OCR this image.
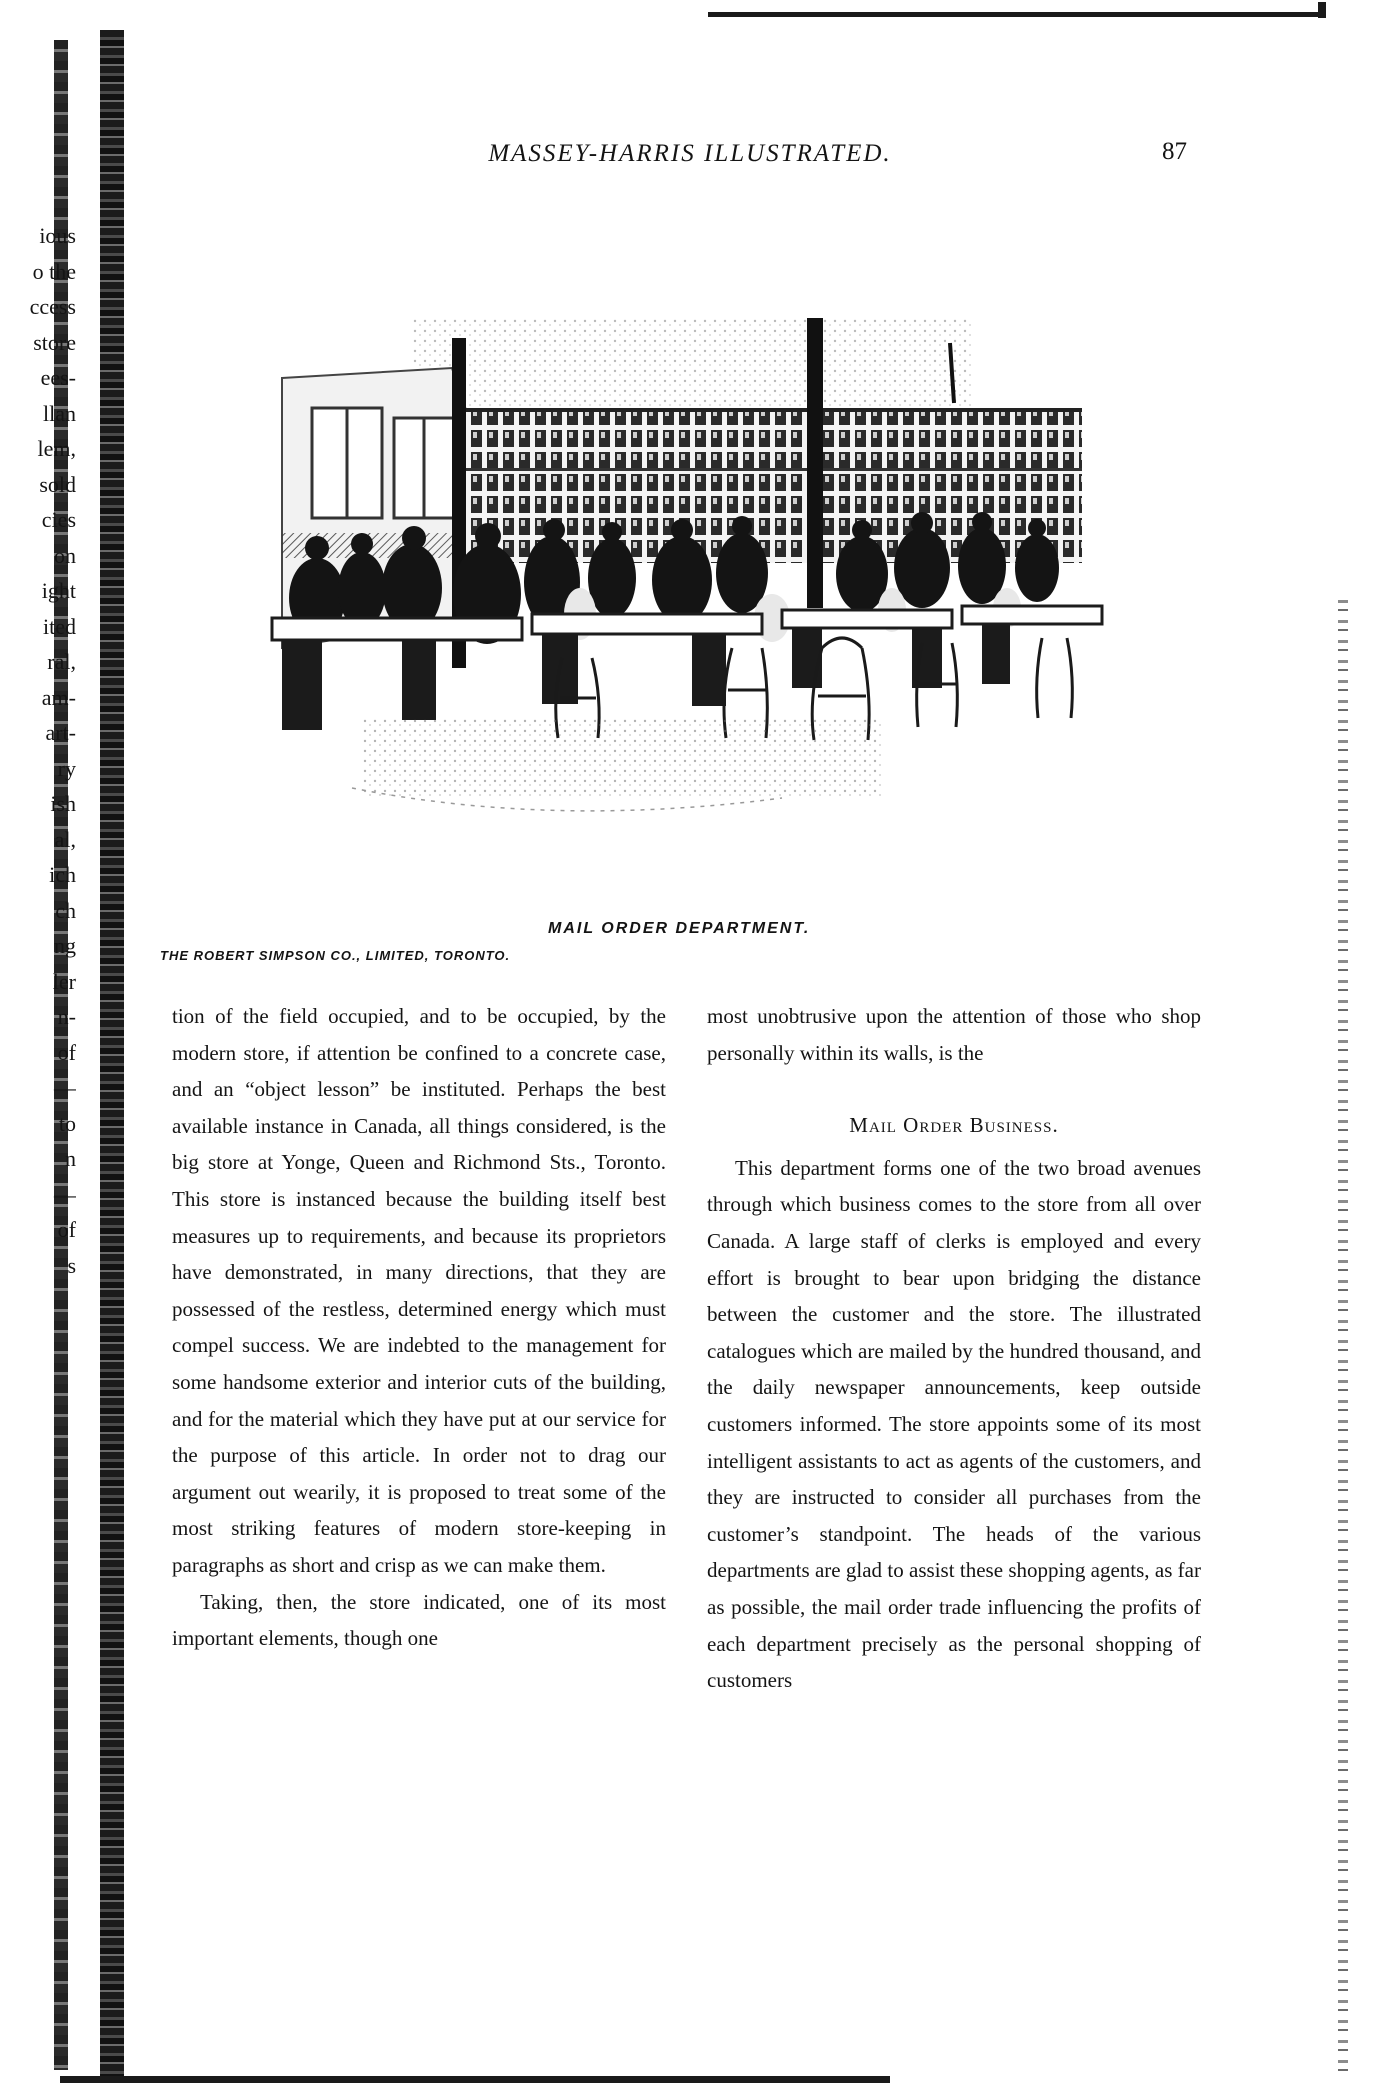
MASSEY-HARRIS ILLUSTRATED.	87
ious
o the
ccess
store
ees-
llan
lem,
sold
cies
on
ight
ited
ral,
am-
art-
ry
ish
al,
ich
ch
ng
ler
n-
of
—
to
n
—
of
s
THE ROBERT SIMPSON CO., LIMITED, TORONTO.
MAIL ORDER DEPARTMENT.

tion of the field occupied, and to be occupied, by the modern store, if attention be confined to a concrete case, and an “object lesson” be instituted. Perhaps the best available instance in Canada, all things considered, is the big store at Yonge, Queen and Richmond Sts., Toronto. This store is instanced because the building itself best measures up to requirements, and because its proprietors have demonstrated, in many directions, that they are possessed of the restless, determined energy which must compel success. We are indebted to the management for some handsome exterior and interior cuts of the building, and for the material which they have put at our service for the purpose of this article. In order not to drag our argument out wearily, it is proposed to treat some of the most striking features of modern store-keeping in paragraphs as short and crisp as we can make them.

Taking, then, the store indicated, one of its most important elements, though one

most unobtrusive upon the attention of those who shop personally within its walls, is the

Mail Order Business.

This department forms one of the two broad avenues through which business comes to the store from all over Canada. A large staff of clerks is employed and every effort is brought to bear upon bridging the distance between the customer and the store. The illustrated catalogues which are mailed by the hundred thousand, and the daily newspaper announcements, keep outside customers informed. The store appoints some of its most intelligent assistants to act as agents of the customers, and they are instructed to consider all purchases from the customer’s standpoint. The heads of the various departments are glad to assist these shopping agents, as far as possible, the mail order trade influencing the profits of each department precisely as the personal shopping of customers
